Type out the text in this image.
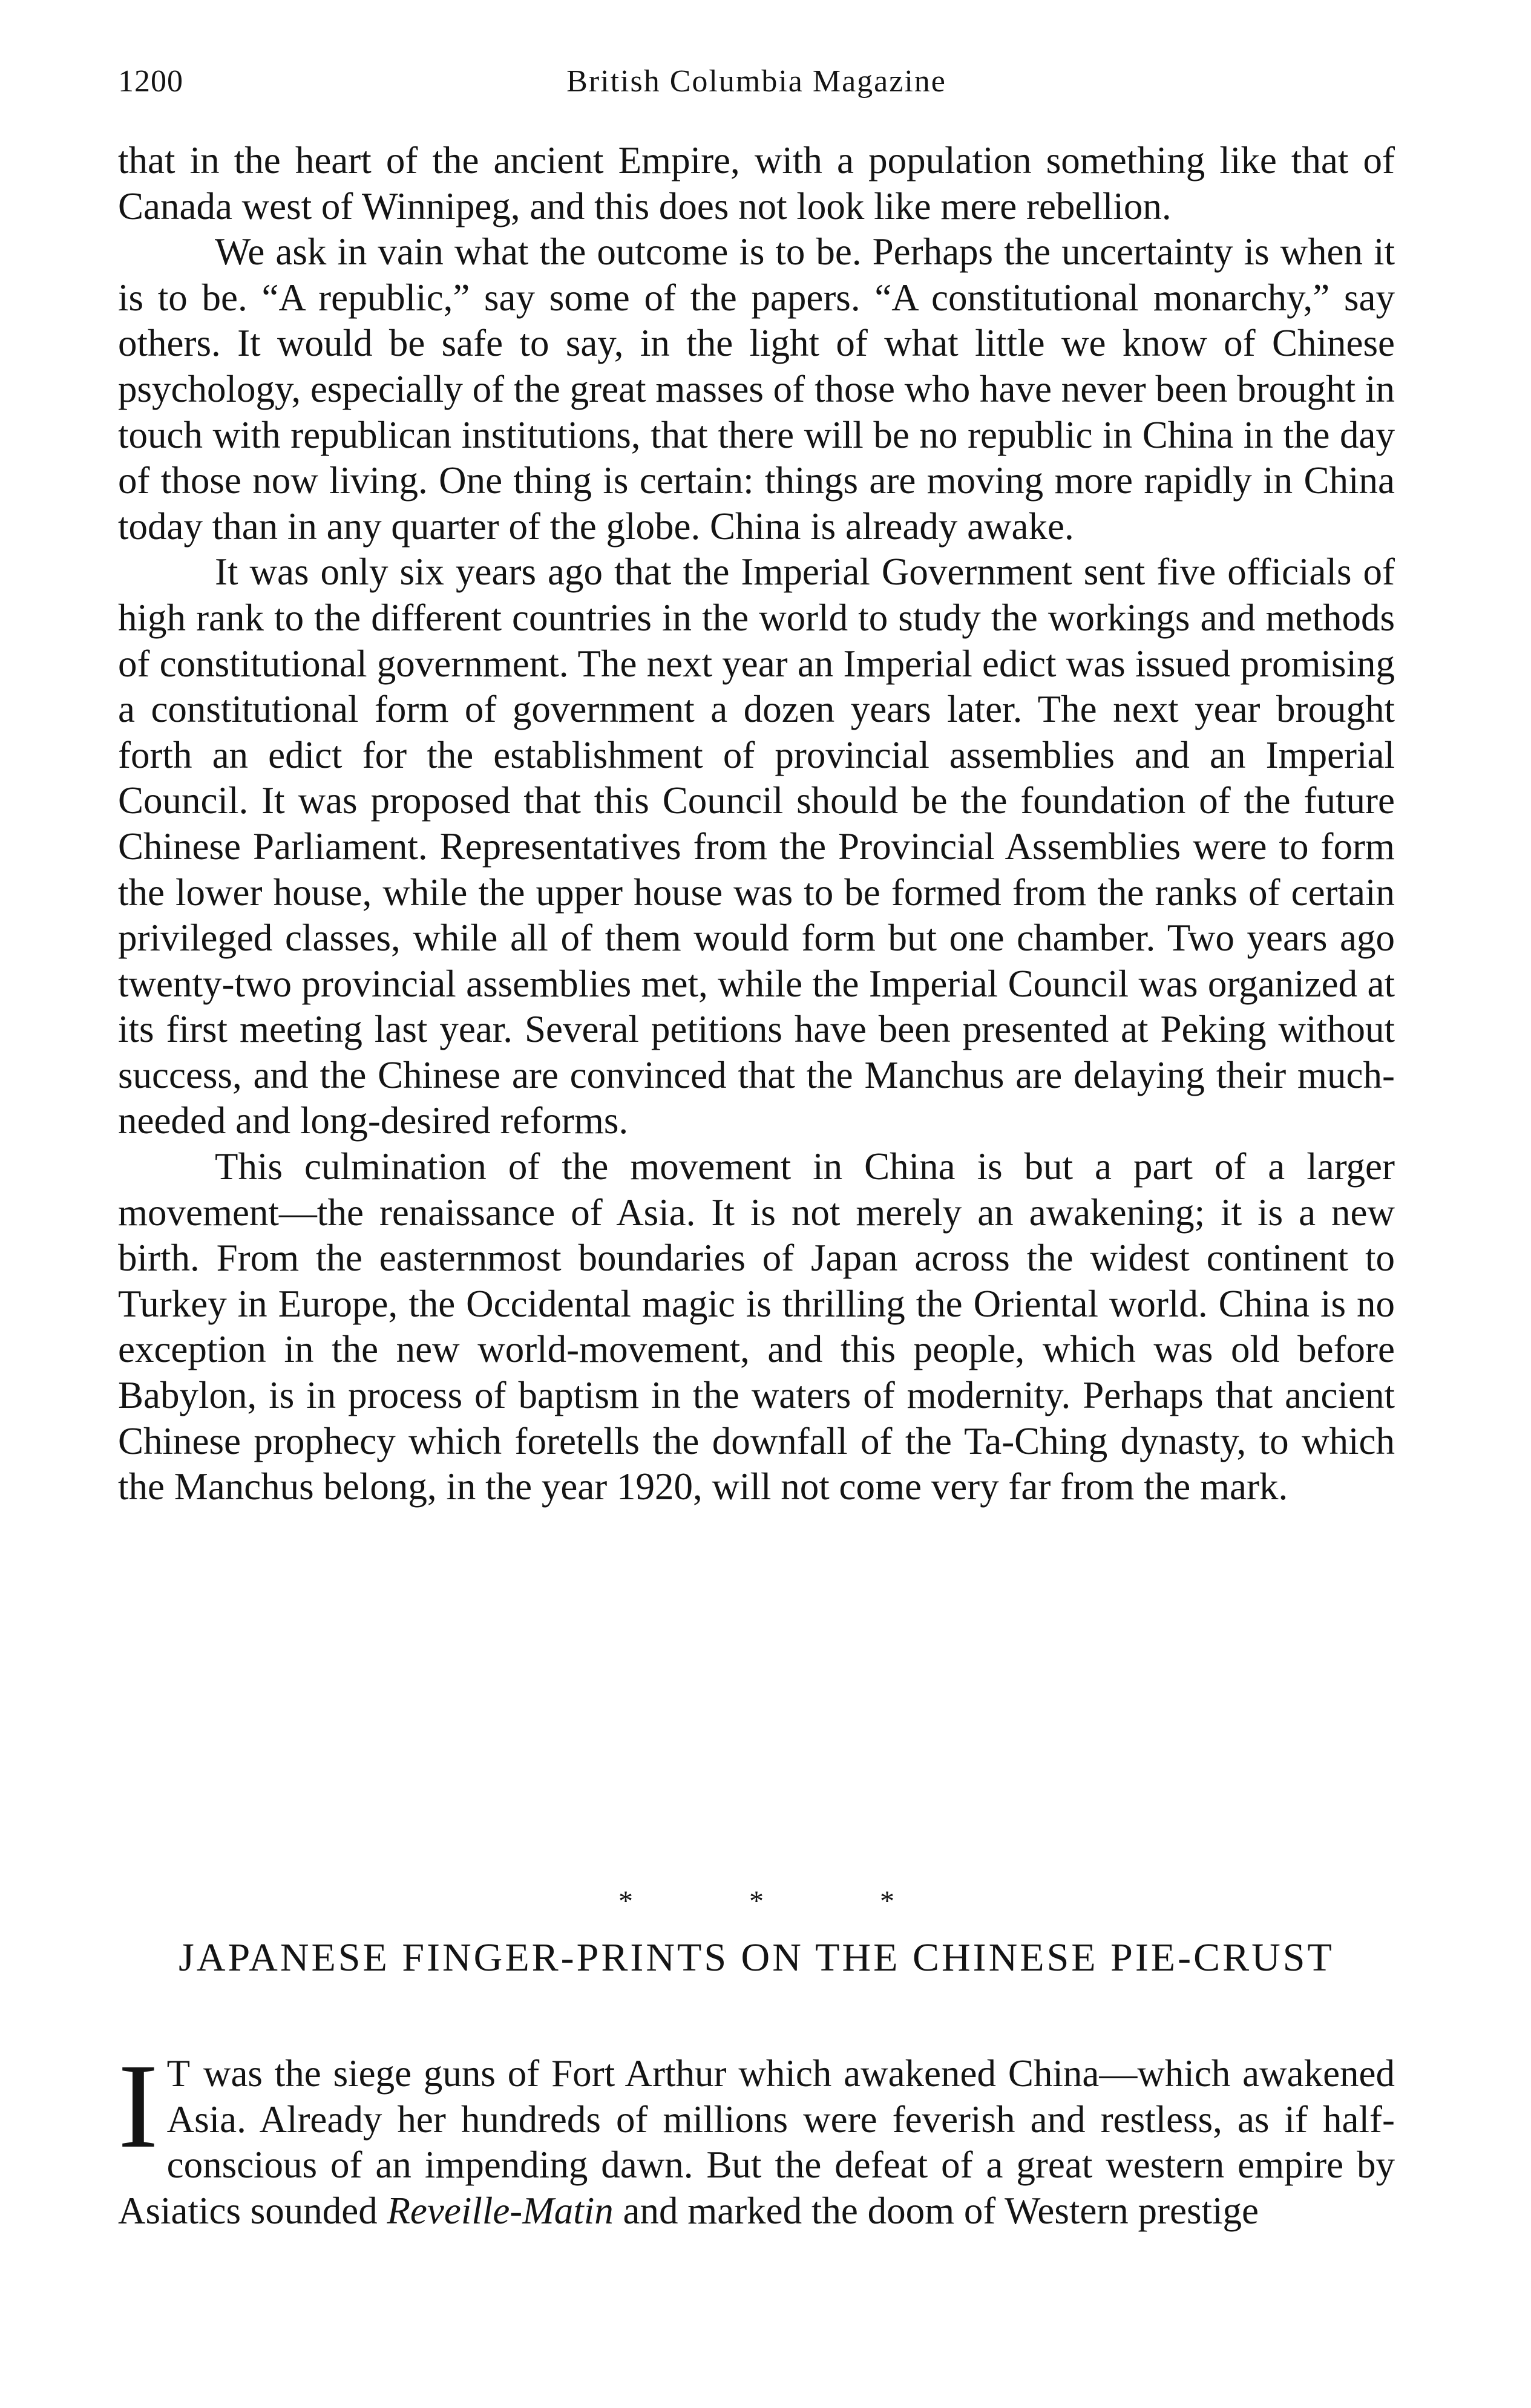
1200	British Columbia Magazine

that in the heart of the ancient Empire, with a population something like that of Canada west of Winnipeg, and this does not look like mere rebellion.

We ask in vain what the outcome is to be. Perhaps the uncertainty is when it is to be. “A republic,” say some of the papers. “A constitutional monarchy,” say others. It would be safe to say, in the light of what little we know of Chinese psychology, especially of the great masses of those who have never been brought in touch with republican institutions, that there will be no republic in China in the day of those now living. One thing is certain: things are moving more rapidly in China today than in any quarter of the globe. China is already awake.

It was only six years ago that the Imperial Government sent five officials of high rank to the different countries in the world to study the workings and methods of constitutional government. The next year an Imperial edict was issued promising a constitutional form of government a dozen years later. The next year brought forth an edict for the establishment of provincial assemblies and an Imperial Council. It was proposed that this Council should be the foundation of the future Chinese Parliament. Representatives from the Provincial Assemblies were to form the lower house, while the upper house was to be formed from the ranks of certain privileged classes, while all of them would form but one chamber. Two years ago twenty-two provincial assemblies met, while the Imperial Council was organized at its first meeting last year. Several petitions have been presented at Peking without success, and the Chinese are convinced that the Manchus are delaying their much-needed and long-desired reforms.

This culmination of the movement in China is but a part of a larger movement—the renaissance of Asia. It is not merely an awakening; it is a new birth. From the easternmost boundaries of Japan across the widest continent to Turkey in Europe, the Occidental magic is thrilling the Oriental world. China is no exception in the new world-movement, and this people, which was old before Babylon, is in process of baptism in the waters of modernity. Perhaps that ancient Chinese prophecy which foretells the downfall of the Ta-Ching dynasty, to which the Manchus belong, in the year 1920, will not come very far from the mark.

* * *
JAPANESE FINGER-PRINTS ON THE CHINESE PIE-CRUST

I T was the siege guns of Fort Arthur which awakened China—which awakened Asia. Already her hundreds of millions were feverish and restless, as if half-conscious of an impending dawn. But the defeat of a great western empire by Asiatics sounded Reveille-Matin and marked the doom of Western prestige
